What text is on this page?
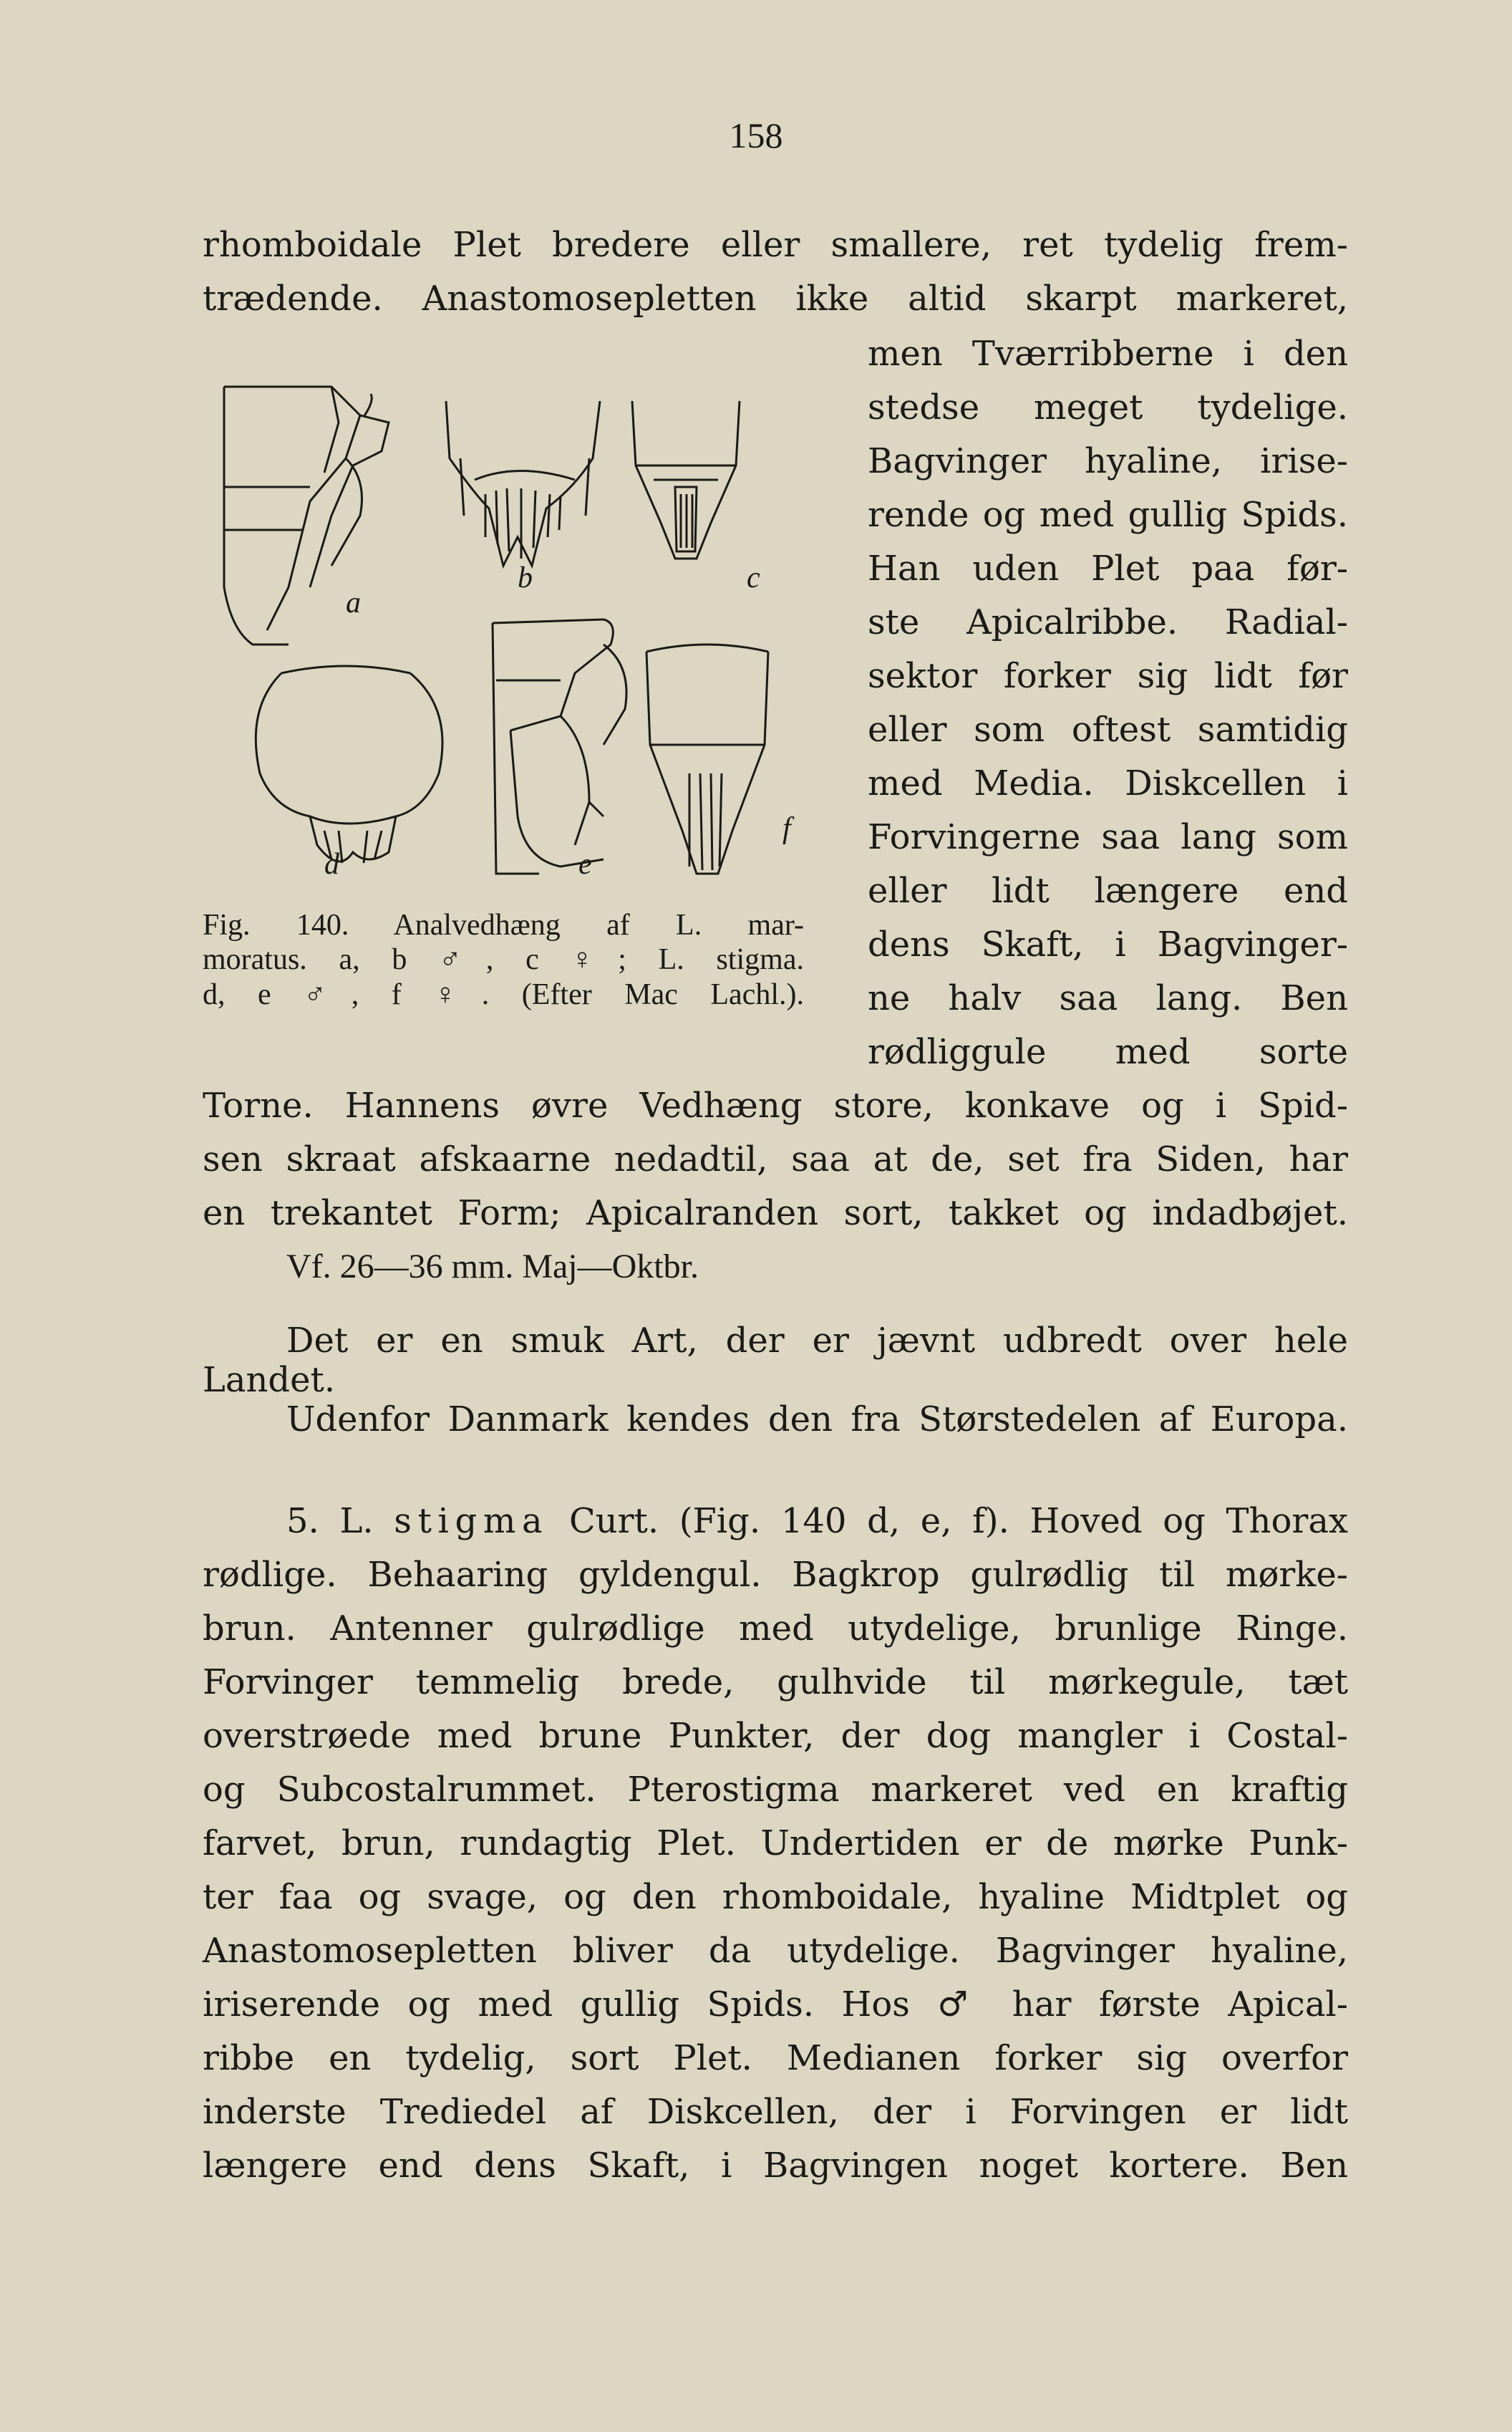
158
rhomboidale Plet bredere eller smallere, ret tydelig frem-
trædende. Anastomosepletten ikke altid skarpt markeret,
men Tværribberne i den
stedse meget tydelige.
Bagvinger hyaline, irise-
rende og med gullig Spids.
Han uden Plet paa før-
ste Apicalribbe. Radial-
sektor forker sig lidt før
eller som oftest samtidig
med Media. Diskcellen i
Forvingerne saa lang som
eller lidt længere end
dens Skaft, i Bagvinger-
ne halv saa lang. Ben
rødliggule med sorte
a
b	c
d	e
f
Fig. 140. Analvedhæng af L. mar-
moratus. a, b ♂, c ♀; L. stigma.
d, e ♂, f ♀. (Efter Mac Lachl.).
Torne. Hannens øvre Vedhæng store, konkave og i Spid-
sen skraat afskaarne nedadtil, saa at de, set fra Siden, har
en trekantet Form; Apicalranden sort, takket og indadbøjet.
Vf. 26—36 mm. Maj—Oktbr.
Det er en smuk Art, der er jævnt udbredt over hele
Landet.
Udenfor Danmark kendes den fra Størstedelen af Europa.
5. L. stigma Curt. (Fig. 140 d, e, f). Hoved og Thorax
rødlige. Behaaring gyldengul. Bagkrop gulrødlig til mørke-
brun. Antenner gulrødlige med utydelige, brunlige Ringe.
Forvinger temmelig brede, gulhvide til mørkegule, tæt
overstrøede med brune Punkter, der dog mangler i Costal-
og Subcostalrummet. Pterostigma markeret ved en kraftig
farvet, brun, rundagtig Plet. Undertiden er de mørke Punk-
ter faa og svage, og den rhomboidale, hyaline Midtplet og
Anastomosepletten bliver da utydelige. Bagvinger hyaline,
iriserende og med gullig Spids. Hos ♂ har første Apical-
ribbe en tydelig, sort Plet. Medianen forker sig overfor
inderste Trediedel af Diskcellen, der i Forvingen er lidt
længere end dens Skaft, i Bagvingen noget kortere. Ben
